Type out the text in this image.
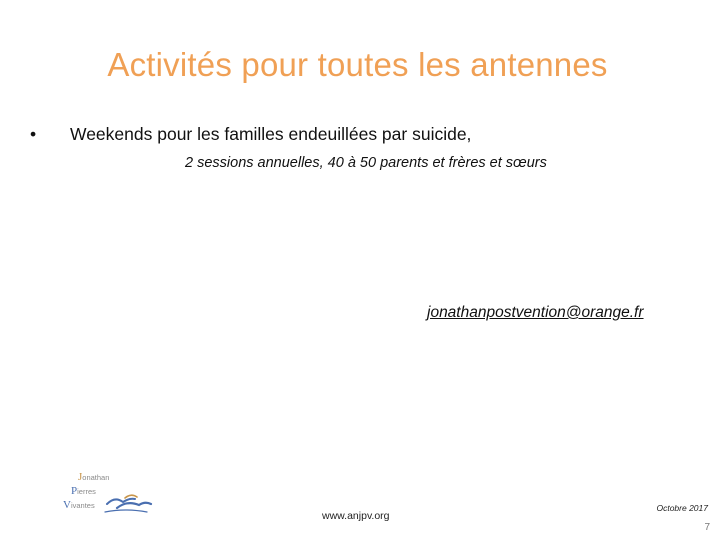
Activités pour toutes les antennes
• Weekends pour les familles endeuillées par suicide,
2 sessions annuelles, 40 à 50 parents et frères et sœurs
jonathanpostvention@orange.fr
Jonathan
Pierres
Vivantes
www.anjpv.org
Octobre 2017
7
